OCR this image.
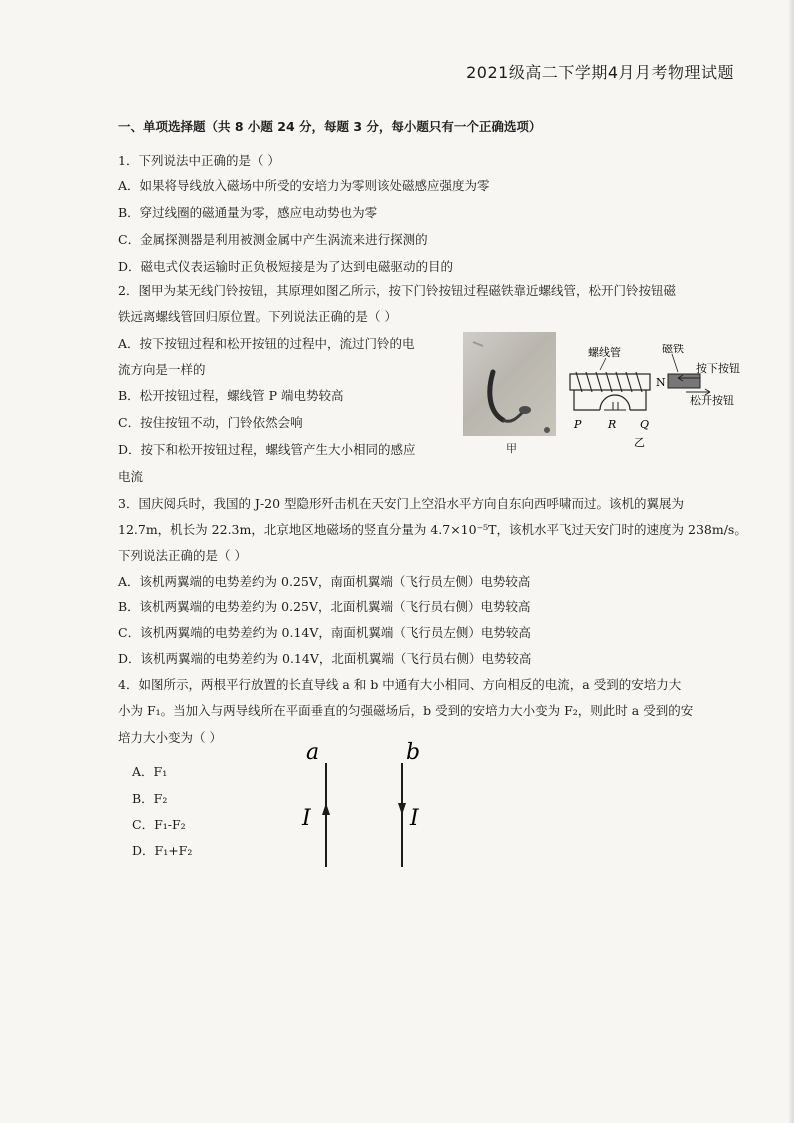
2021级高二下学期4月月考物理试题
一、单项选择题（共 8 小题 24 分，每题 3 分，每小题只有一个正确选项）
1．下列说法中正确的是（ ）
A．如果将导线放入磁场中所受的安培力为零则该处磁感应强度为零
B．穿过线圈的磁通量为零，感应电动势也为零
C．金属探测器是利用被测金属中产生涡流来进行探测的
D．磁电式仪表运输时正负极短接是为了达到电磁驱动的目的
2．图甲为某无线门铃按钮，其原理如图乙所示，按下门铃按钮过程磁铁靠近螺线管，松开门铃按钮磁
铁远离螺线管回归原位置。下列说法正确的是（ ）
A．按下按钮过程和松开按钮的过程中，流过门铃的电
流方向是一样的
B．松开按钮过程，螺线管 P 端电势较高
C．按住按钮不动，门铃依然会响
D．按下和松开按钮过程，螺线管产生大小相同的感应
电流
甲
螺线管	磁铁
按下按钮
松开按钮
N
P R Q
乙
3．国庆阅兵时，我国的 J-20 型隐形歼击机在天安门上空沿水平方向自东向西呼啸而过。该机的翼展为
12.7m，机长为 22.3m，北京地区地磁场的竖直分量为 4.7×10⁻⁵T，该机水平飞过天安门时的速度为 238m/s。
下列说法正确的是（ ）
A．该机两翼端的电势差约为 0.25V，南面机翼端（飞行员左侧）电势较高
B．该机两翼端的电势差约为 0.25V，北面机翼端（飞行员右侧）电势较高
C．该机两翼端的电势差约为 0.14V，南面机翼端（飞行员左侧）电势较高
D．该机两翼端的电势差约为 0.14V，北面机翼端（飞行员右侧）电势较高
4．如图所示，两根平行放置的长直导线 a 和 b 中通有大小相同、方向相反的电流，a 受到的安培力大
小为 F₁。当加入与两导线所在平面垂直的匀强磁场后，b 受到的安培力大小变为 F₂，则此时 a 受到的安
培力大小变为（ ）
A．F₁
B．F₂
C．F₁-F₂
D．F₁+F₂
a	b
I	I
